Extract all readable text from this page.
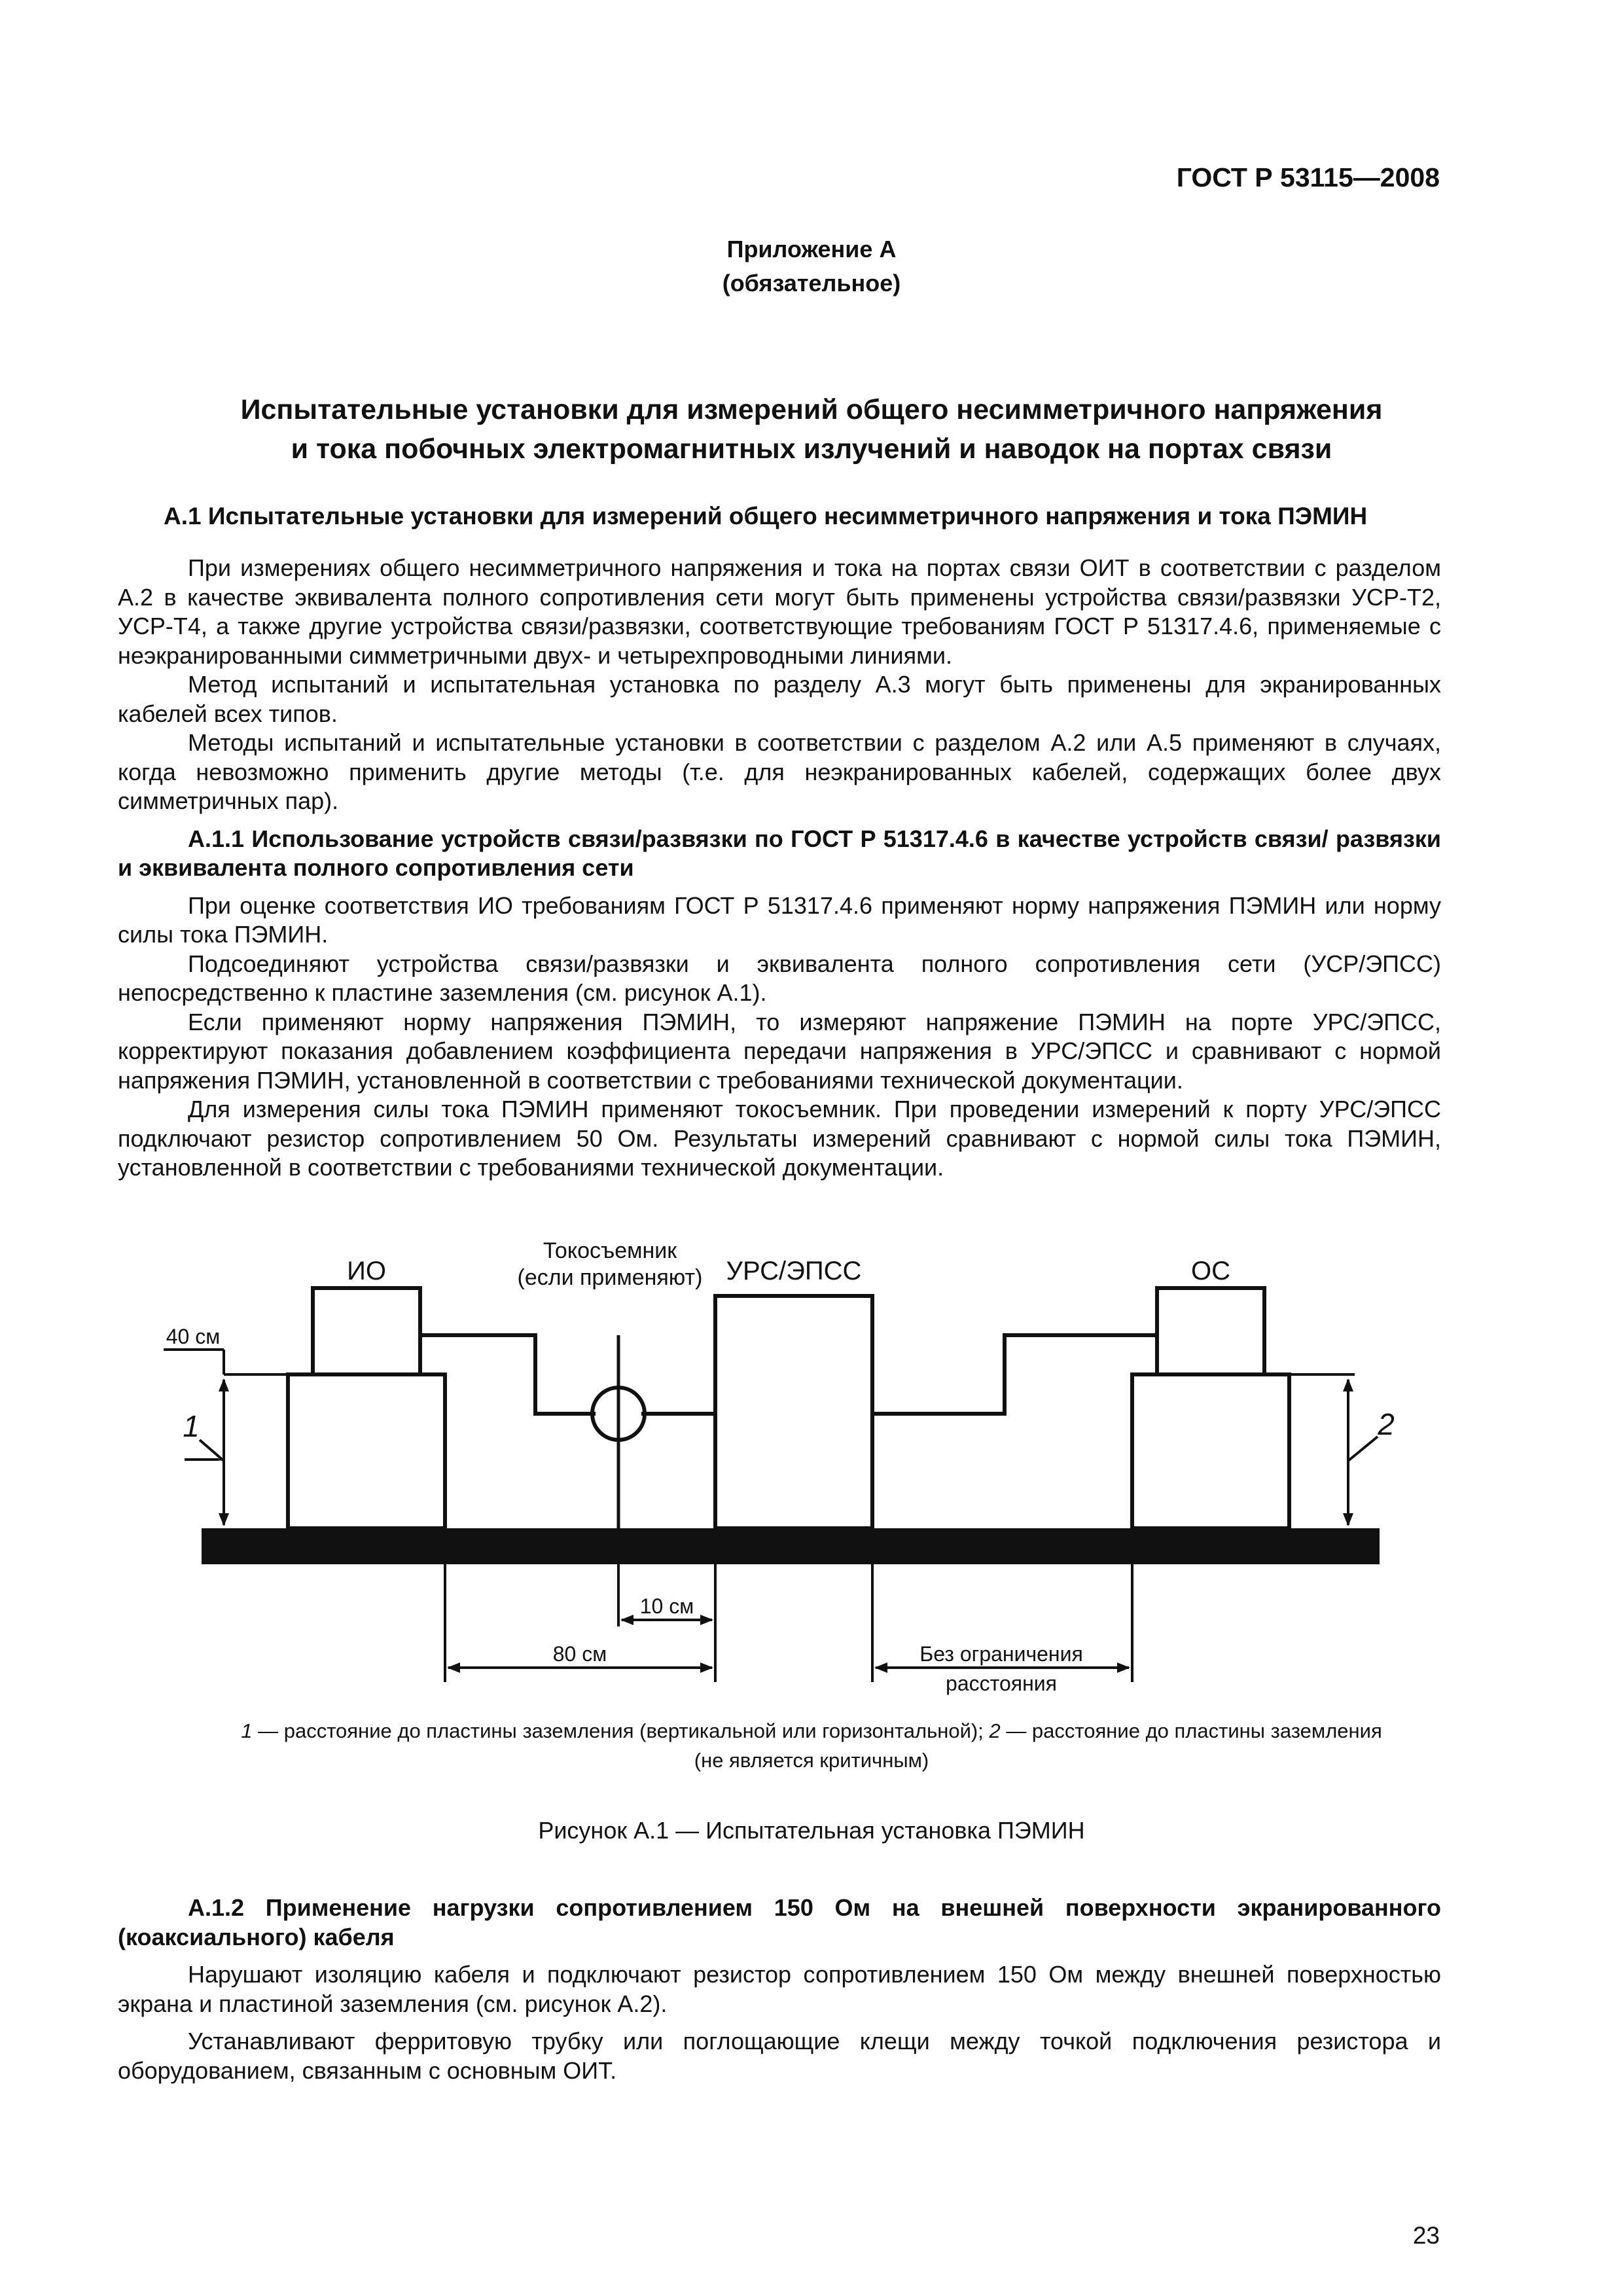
ГОСТ Р 53115—2008
Приложение А
(обязательное)
Испытательные установки для измерений общего несимметричного напряжения
и тока побочных электромагнитных излучений и наводок на портах связи
А.1 Испытательные установки для измерений общего несимметричного напряжения и тока ПЭМИН

При измерениях общего несимметричного напряжения и тока на портах связи ОИТ в соответствии с разделом А.2 в качестве эквивалента полного сопротивления сети могут быть применены устройства связи/развязки УСР-Т2, УСР-Т4, а также другие устройства связи/развязки, соответствующие требованиям ГОСТ Р 51317.4.6, применяемые с неэкранированными симметричными двух- и четырехпроводными линиями.

Метод испытаний и испытательная установка по разделу А.3 могут быть применены для экранированных кабелей всех типов.

Методы испытаний и испытательные установки в соответствии с разделом А.2 или А.5 применяют в случаях, когда невозможно применить другие методы (т.е. для неэкранированных кабелей, содержащих более двух симметричных пар).

А.1.1 Использование устройств связи/развязки по ГОСТ Р 51317.4.6 в качестве устройств связи/ развязки и эквивалента полного сопротивления сети

При оценке соответствия ИО требованиям ГОСТ Р 51317.4.6 применяют норму напряжения ПЭМИН или норму силы тока ПЭМИН.

Подсоединяют устройства связи/развязки и эквивалента полного сопротивления сети (УСР/ЭПСС) непосредственно к пластине заземления (см. рисунок А.1).

Если применяют норму напряжения ПЭМИН, то измеряют напряжение ПЭМИН на порте УРС/ЭПСС, корректируют показания добавлением коэффициента передачи напряжения в УРС/ЭПСС и сравнивают с нормой напряжения ПЭМИН, установленной в соответствии с требованиями технической документации.

Для измерения силы тока ПЭМИН применяют токосъемник. При проведении измерений к порту УРС/ЭПСС подключают резистор сопротивлением 50 Ом. Результаты измерений сравнивают с нормой силы тока ПЭМИН, установленной в соответствии с требованиями технической документации.

ИО
Токосъемник
(если применяют) УРС/ЭПСС	ОС
40 см
1	2
10 см
80 см	Без ограничения
расстояния
1 — расстояние до пластины заземления (вертикальной или горизонтальной); 2 — расстояние до пластины заземления
(не является критичным)
Рисунок А.1 — Испытательная установка ПЭМИН

А.1.2 Применение нагрузки сопротивлением 150 Ом на внешней поверхности экранированного (коаксиального) кабеля

Нарушают изоляцию кабеля и подключают резистор сопротивлением 150 Ом между внешней поверхностью экрана и пластиной заземления (см. рисунок А.2).

Устанавливают ферритовую трубку или поглощающие клещи между точкой подключения резистора и оборудованием, связанным с основным ОИТ.

23
